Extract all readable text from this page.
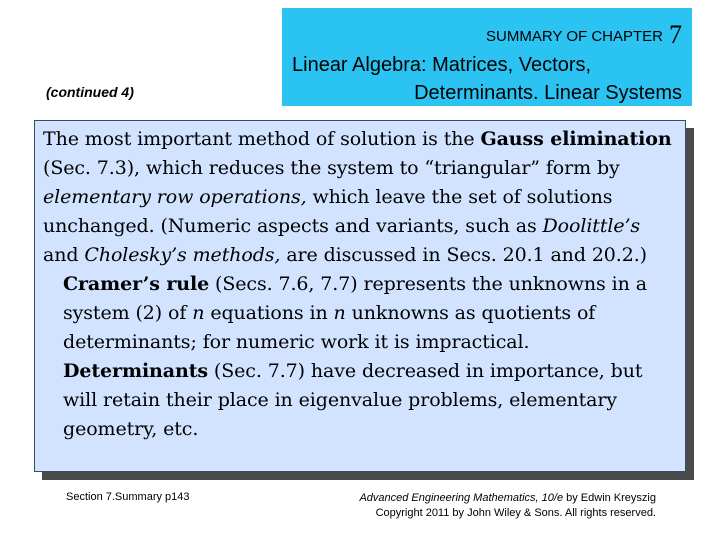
(continued 4)
SUMMARY OF CHAPTER 7
Linear Algebra: Matrices, Vectors,
Determinants. Linear Systems

The most important method of solution is the Gauss elimination (Sec. 7.3), which reduces the system to “triangular” form by elementary row operations, which leave the set of solutions unchanged. (Numeric aspects and variants, such as Doolittle’s and Cholesky’s methods, are discussed in Secs. 20.1 and 20.2.)

Cramer’s rule (Secs. 7.6, 7.7) represents the unknowns in a system (2) of n equations in n unknowns as quotients of determinants; for numeric work it is impractical.

Determinants (Sec. 7.7) have decreased in importance, but will retain their place in eigenvalue problems, elementary geometry, etc.

Section 7.Summary p143	Advanced Engineering Mathematics, 10/e by Edwin Kreyszig
Copyright 2011 by John Wiley & Sons. All rights reserved.
